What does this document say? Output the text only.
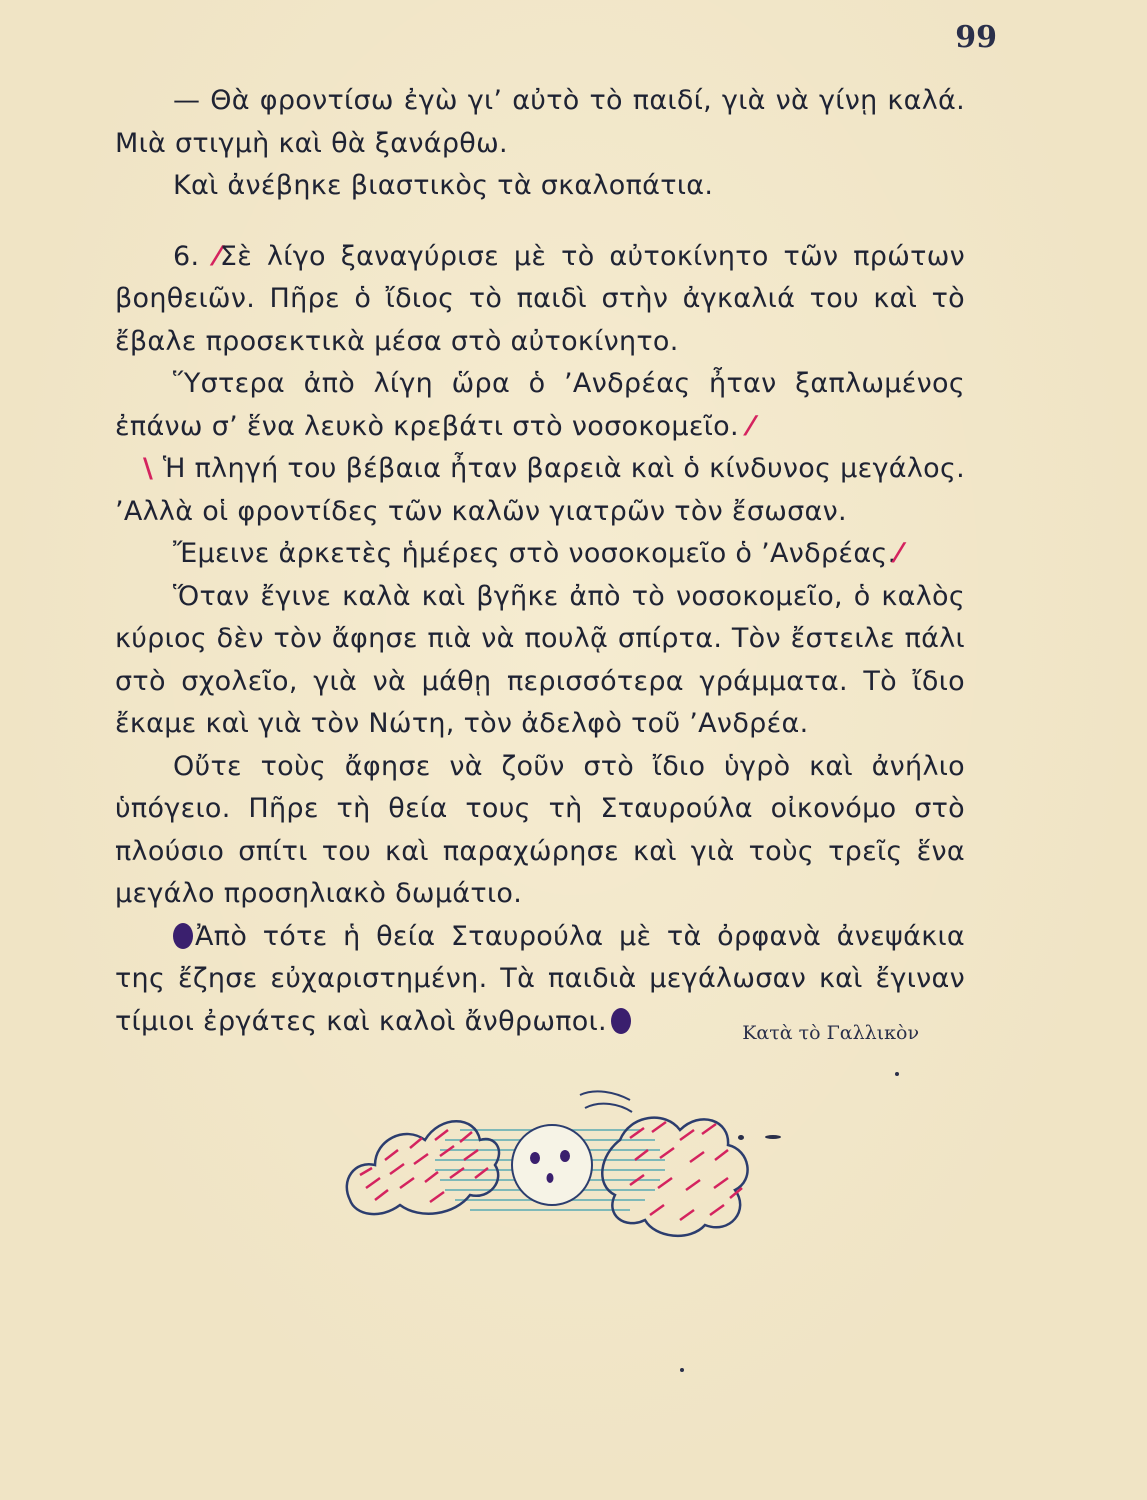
99

— Θὰ φροντίσω ἐγὼ γι’ αὐτὸ τὸ παιδί, γιὰ νὰ γίνῃ καλά. Μιὰ στιγμὴ καὶ θὰ ξανάρθω.

Καὶ ἀνέβηκε βιαστικὸς τὰ σκαλοπάτια.

6. ⁄Σὲ λίγο ξαναγύρισε μὲ τὸ αὐτοκίνητο τῶν πρώτων βοηθειῶν. Πῆρε ὁ ἴδιος τὸ παιδὶ στὴν ἀγκαλιά του καὶ τὸ ἔβαλε προσεκτικὰ μέσα στὸ αὐτοκίνητο.

Ὕστερα ἀπὸ λίγη ὥρα ὁ ’Ανδρέας ἦταν ξαπλωμένος ἐπάνω σ’ ἕνα λευκὸ κρεβάτι στὸ νοσοκομεῖο. ⁄

\ Ἡ πληγή του βέβαια ἦταν βαρειὰ καὶ ὁ κίνδυνος μεγάλος. ’Αλλὰ οἱ φροντίδες τῶν καλῶν γιατρῶν τὸν ἔσωσαν.

Ἔμεινε ἀρκετὲς ἡμέρες στὸ νοσοκομεῖο ὁ ’Ανδρέας.⁄

Ὅταν ἔγινε καλὰ καὶ βγῆκε ἀπὸ τὸ νοσοκομεῖο, ὁ καλὸς κύριος δὲν τὸν ἄφησε πιὰ νὰ πουλᾷ σπίρτα. Τὸν ἔστειλε πάλι στὸ σχολεῖο, γιὰ νὰ μάθῃ περισσότερα γράμματα. Τὸ ἴδιο ἔκαμε καὶ γιὰ τὸν Νώτη, τὸν ἀδελφὸ τοῦ ’Ανδρέα.

Οὔτε τοὺς ἄφησε νὰ ζοῦν στὸ ἴδιο ὑγρὸ καὶ ἀνήλιο ὑπόγειο. Πῆρε τὴ θεία τους τὴ Σταυρούλα οἰκονόμο στὸ πλούσιο σπίτι του καὶ παραχώρησε καὶ γιὰ τοὺς τρεῖς ἕνα μεγάλο προσηλιακὸ δωμάτιο.

Ἀπὸ τότε ἡ θεία Σταυρούλα μὲ τὰ ὀρφανὰ ἀνεψάκια της ἔζησε εὐχαριστημένη. Τὰ παιδιὰ μεγάλωσαν καὶ ἔγιναν τίμιοι ἐργάτες καὶ καλοὶ ἄνθρωποι.	Κατὰ τὸ Γαλλικὸν
